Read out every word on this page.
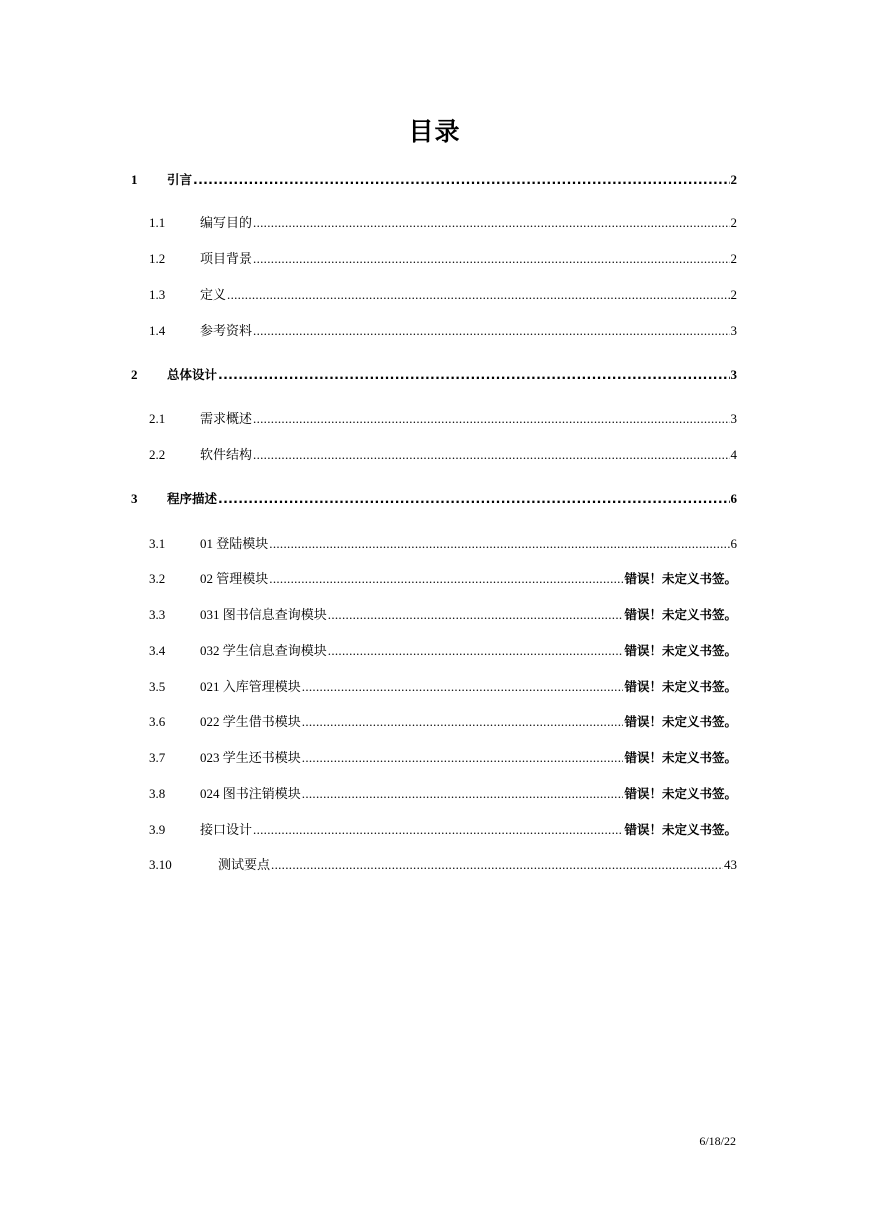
目录
1	引言 .....	2
1.1	编写目的 .....	2
1.2	项目背景 .....	2
1.3	定义 .....	2
1.4	参考资料 .....	3
2	总体设计 .....	3
2.1	需求概述 .....	3
2.2	软件结构 .....	4
3	程序描述 .....	6
3.1	01 登陆模块 .....	6
3.2	02 管理模块 .....	错误！未定义书签。
3.3	031 图书信息查询模块 .....	错误！未定义书签。
3.4	032 学生信息查询模块 .....	错误！未定义书签。
3.5	021 入库管理模块 .....	错误！未定义书签。
3.6	022 学生借书模块 .....	错误！未定义书签。
3.7	023 学生还书模块 .....	错误！未定义书签。
3.8	024 图书注销模块 .....	错误！未定义书签。
3.9	接口设计 .....	错误！未定义书签。
3.10	测试要点 .....	43
6/18/22
